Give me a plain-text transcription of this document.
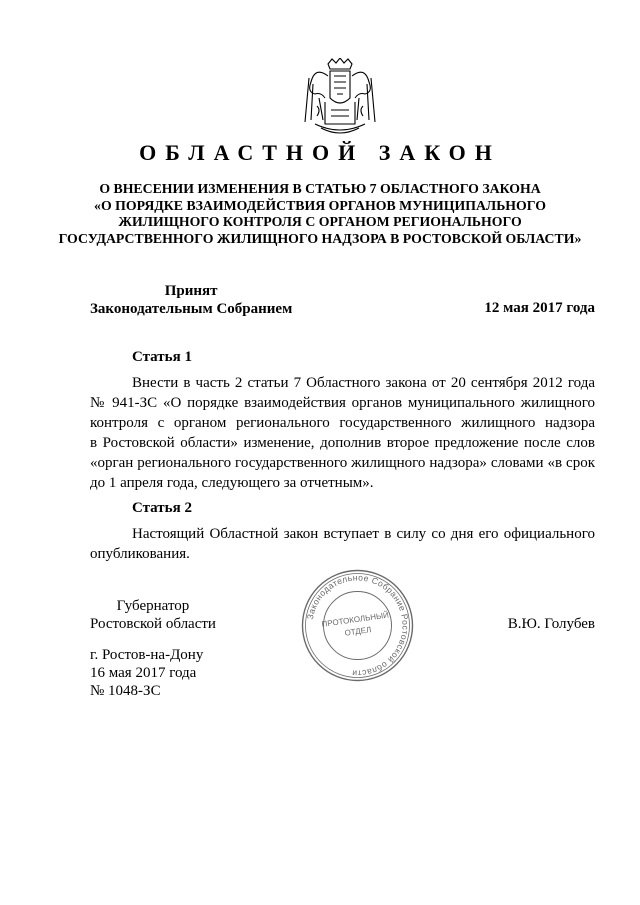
ОБЛАСТНОЙ ЗАКОН
О ВНЕСЕНИИ ИЗМЕНЕНИЯ В СТАТЬЮ 7 ОБЛАСТНОГО ЗАКОНА
«О ПОРЯДКЕ ВЗАИМОДЕЙСТВИЯ ОРГАНОВ МУНИЦИПАЛЬНОГО
ЖИЛИЩНОГО КОНТРОЛЯ С ОРГАНОМ РЕГИОНАЛЬНОГО
ГОСУДАРСТВЕННОГО ЖИЛИЩНОГО НАДЗОРА В РОСТОВСКОЙ ОБЛАСТИ»
Принят
Законодательным Собранием	12 мая 2017 года
Статья 1
Внести в часть 2 статьи 7 Областного закона от 20 сентября 2012 года
№ 941-ЗС «О порядке взаимодействия органов муниципального жилищного
контроля с органом регионального государственного жилищного надзора
в Ростовской области» изменение, дополнив второе предложение после слов
«орган регионального государственного жилищного надзора» словами «в срок
до 1 апреля года, следующего за отчетным».
Статья 2
Настоящий Областной закон вступает в силу со дня его официального
опубликования.
Губернатор
Ростовской области	В.Ю. Голубев
Законодательное Собрание Ростовской области
ПРОТОКОЛЬНЫЙ
ОТДЕЛ
г. Ростов-на-Дону
16 мая 2017 года
№ 1048-ЗС
